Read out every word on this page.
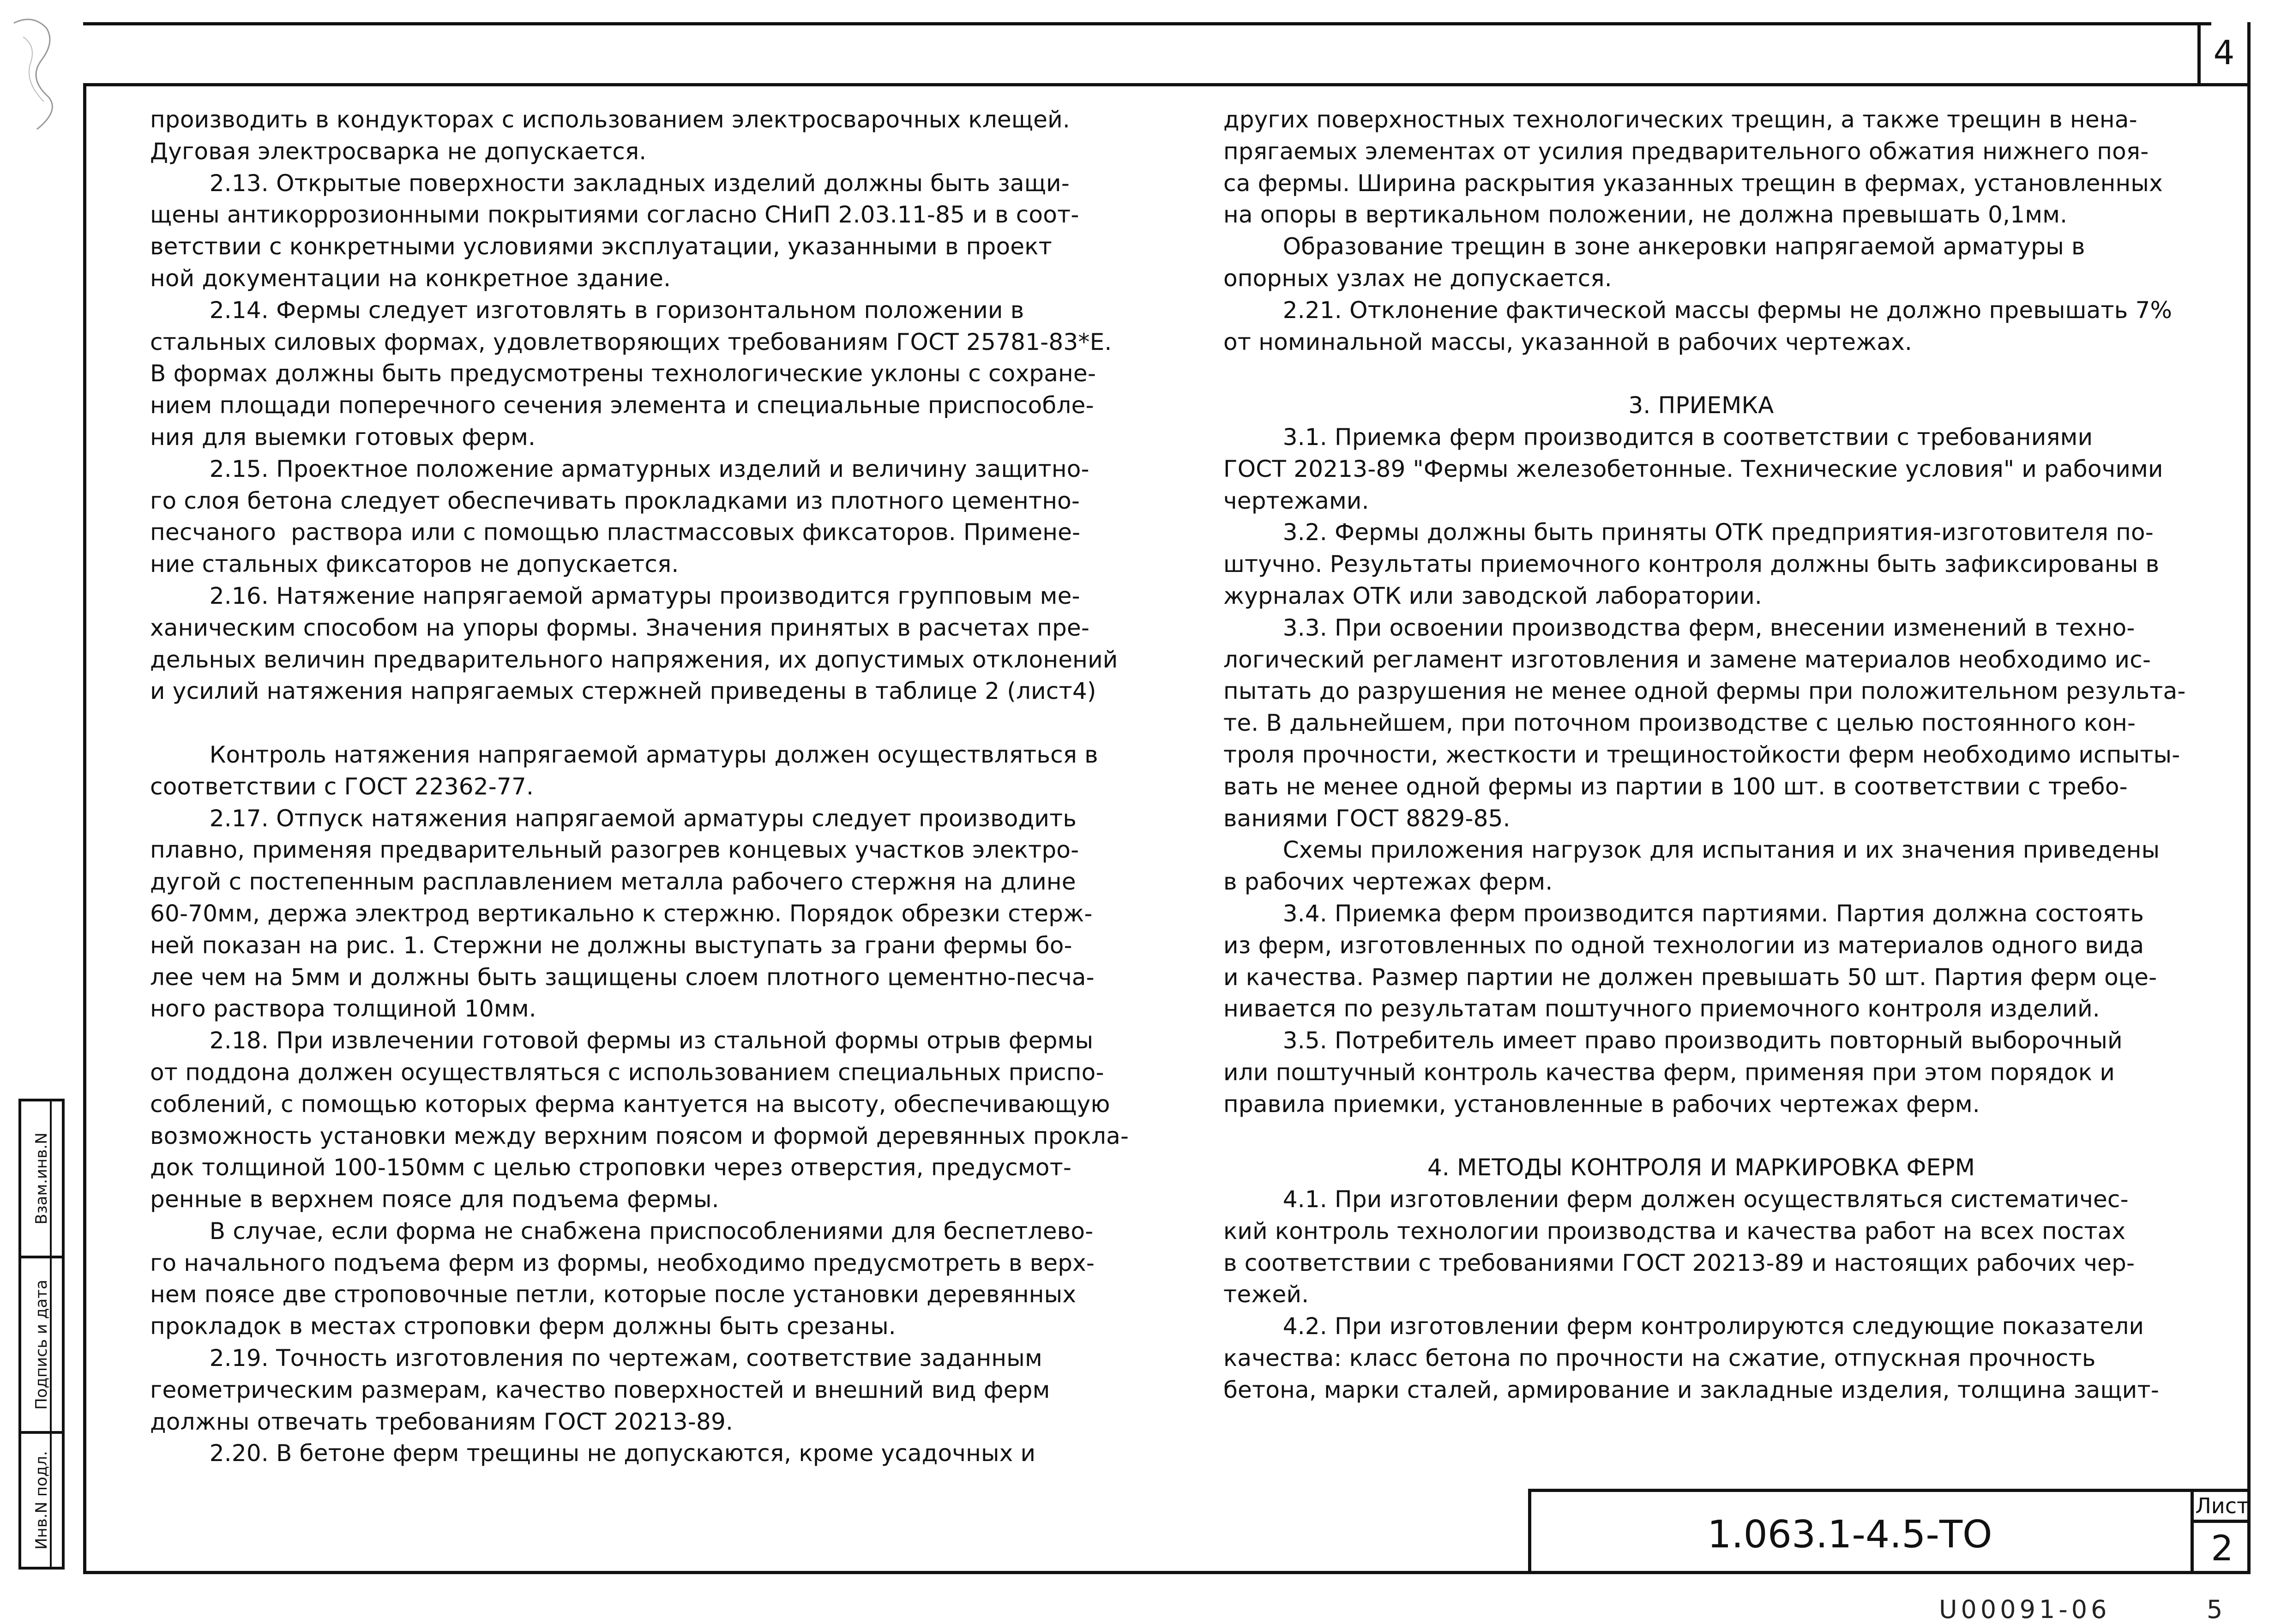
4

производить в кондукторах с использованием электросварочных клещей.

Дуговая электросварка не допускается.

2.13. Открытые поверхности закладных изделий должны быть защи-

щены антикоррозионными покрытиями согласно СНиП 2.03.11-85 и в соот-

ветствии с конкретными условиями эксплуатации, указанными в проект

ной документации на конкретное здание.

2.14. Фермы следует изготовлять в горизонтальном положении в

стальных силовых формах, удовлетворяющих требованиям ГОСТ 25781-83*Е.

В формах должны быть предусмотрены технологические уклоны с сохране-

нием площади поперечного сечения элемента и специальные приспособле-

ния для выемки готовых ферм.

2.15. Проектное положение арматурных изделий и величину защитно-

го слоя бетона следует обеспечивать прокладками из плотного цементно-

песчаного  раствора или с помощью пластмассовых фиксаторов. Примене-

ние стальных фиксаторов не допускается.

2.16. Натяжение напрягаемой арматуры производится групповым ме-

ханическим способом на упоры формы. Значения принятых в расчетах пре-

дельных величин предварительного напряжения, их допустимых отклонений

и усилий натяжения напрягаемых стержней приведены в таблице 2 (лист4)

Контроль натяжения напрягаемой арматуры должен осуществляться в

соответствии с ГОСТ 22362-77.

2.17. Отпуск натяжения напрягаемой арматуры следует производить

плавно, применяя предварительный разогрев концевых участков электро-

дугой с постепенным расплавлением металла рабочего стержня на длине

60-70мм, держа электрод вертикально к стержню. Порядок обрезки стерж-

ней показан на рис. 1. Стержни не должны выступать за грани фермы бо-

лее чем на 5мм и должны быть защищены слоем плотного цементно-песча-

ного раствора толщиной 10мм.

2.18. При извлечении готовой фермы из стальной формы отрыв фермы

от поддона должен осуществляться с использованием специальных приспо-

соблений, с помощью которых ферма кантуется на высоту, обеспечивающую

возможность установки между верхним поясом и формой деревянных прокла-

док толщиной 100-150мм с целью строповки через отверстия, предусмот-

ренные в верхнем поясе для подъема фермы.

В случае, если форма не снабжена приспособлениями для беспетлево-

го начального подъема ферм из формы, необходимо предусмотреть в верх-

нем поясе две строповочные петли, которые после установки деревянных

прокладок в местах строповки ферм должны быть срезаны.

2.19. Точность изготовления по чертежам, соответствие заданным

геометрическим размерам, качество поверхностей и внешний вид ферм

должны отвечать требованиям ГОСТ 20213-89.

2.20. В бетоне ферм трещины не допускаются, кроме усадочных и

других поверхностных технологических трещин, а также трещин в нена-

прягаемых элементах от усилия предварительного обжатия нижнего поя-

са фермы. Ширина раскрытия указанных трещин в фермах, установленных

на опоры в вертикальном положении, не должна превышать 0,1мм.

Образование трещин в зоне анкеровки напрягаемой арматуры в

опорных узлах не допускается.

2.21. Отклонение фактической массы фермы не должно превышать 7%

от номинальной массы, указанной в рабочих чертежах.

3. ПРИЕМКА

3.1. Приемка ферм производится в соответствии с требованиями

ГОСТ 20213-89 "Фермы железобетонные. Технические условия" и рабочими

чертежами.

3.2. Фермы должны быть приняты ОТК предприятия-изготовителя по-

штучно. Результаты приемочного контроля должны быть зафиксированы в

журналах ОТК или заводской лаборатории.

3.3. При освоении производства ферм, внесении изменений в техно-

логический регламент изготовления и замене материалов необходимо ис-

пытать до разрушения не менее одной фермы при положительном результа-

те. В дальнейшем, при поточном производстве с целью постоянного кон-

троля прочности, жесткости и трещиностойкости ферм необходимо испыты-

вать не менее одной фермы из партии в 100 шт. в соответствии с требо-

ваниями ГОСТ 8829-85.

Схемы приложения нагрузок для испытания и их значения приведены

в рабочих чертежах ферм.

3.4. Приемка ферм производится партиями. Партия должна состоять

из ферм, изготовленных по одной технологии из материалов одного вида

и качества. Размер партии не должен превышать 50 шт. Партия ферм оце-

нивается по результатам поштучного приемочного контроля изделий.

3.5. Потребитель имеет право производить повторный выборочный

или поштучный контроль качества ферм, применяя при этом порядок и

правила приемки, установленные в рабочих чертежах ферм.

4. МЕТОДЫ КОНТРОЛЯ И МАРКИРОВКА ФЕРМ

4.1. При изготовлении ферм должен осуществляться систематичес-

кий контроль технологии производства и качества работ на всех постах

в соответствии с требованиями ГОСТ 20213-89 и настоящих рабочих чер-

тежей.

4.2. При изготовлении ферм контролируются следующие показатели

качества: класс бетона по прочности на сжатие, отпускная прочность

бетона, марки сталей, армирование и закладные изделия, толщина защит-

Взам.инв.N
Подпись и дата
Инв.N подл.	1.063.1-4.5-ТО
Лист
2
U00091-06	5
